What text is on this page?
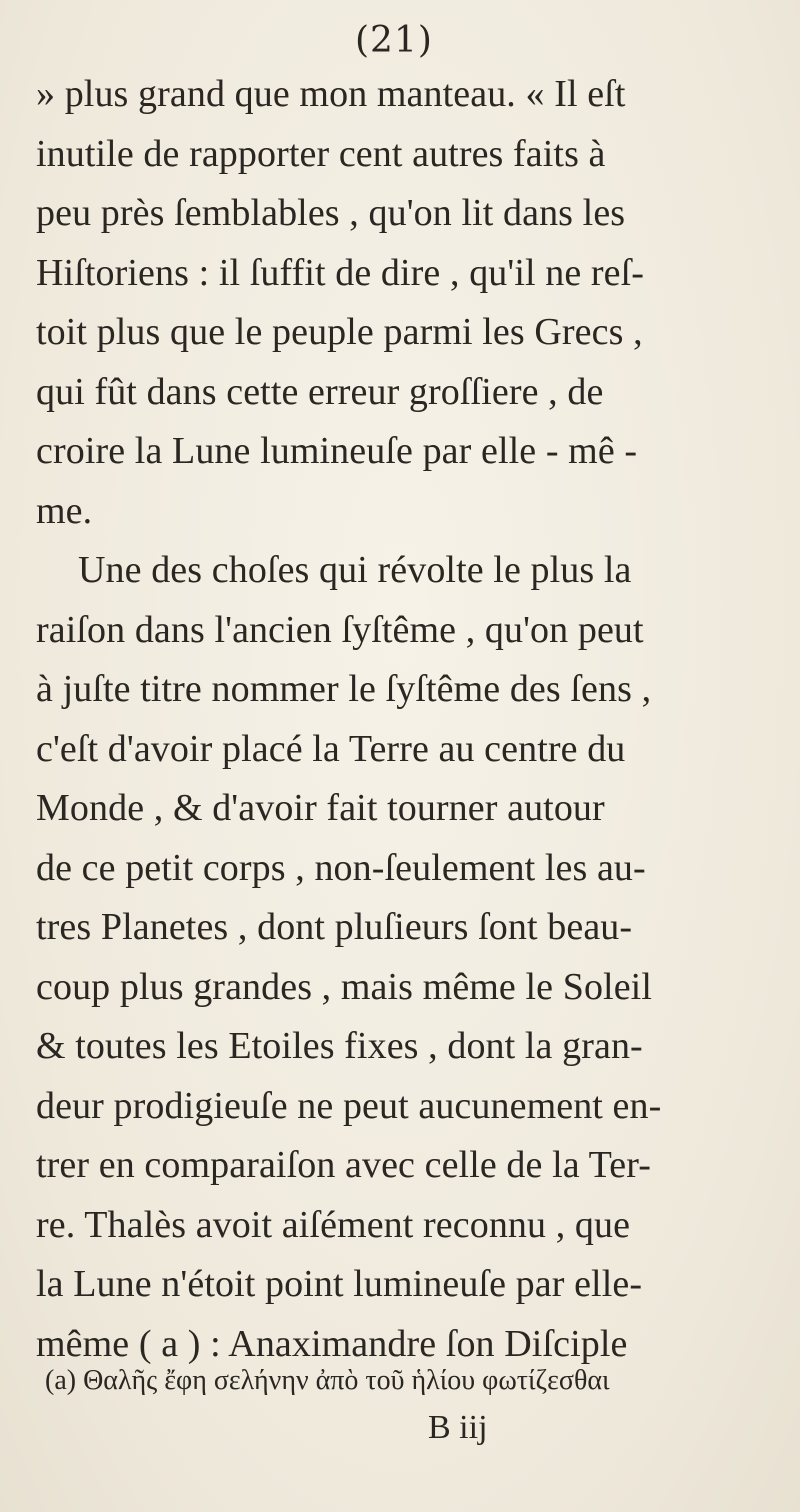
(21)
» plus grand que mon manteau. « Il eſt
inutile de rapporter cent autres faits à
peu près ſemblables , qu'on lit dans les
Hiſtoriens : il ſuffit de dire , qu'il ne reſ-
toit plus que le peuple parmi les Grecs ,
qui fût dans cette erreur groſſiere , de
croire la Lune lumineuſe par elle - mê -
me.
Une des choſes qui révolte le plus la
raiſon dans l'ancien ſyſtême , qu'on peut
à juſte titre nommer le ſyſtême des ſens ,
c'eſt d'avoir placé la Terre au centre du
Monde , & d'avoir fait tourner autour
de ce petit corps , non-ſeulement les au-
tres Planetes , dont pluſieurs ſont beau-
coup plus grandes , mais même le Soleil
& toutes les Etoiles fixes , dont la gran-
deur prodigieuſe ne peut aucunement en-
trer en comparaiſon avec celle de la Ter-
re. Thalès avoit aiſément reconnu , que
la Lune n'étoit point lumineuſe par elle-
même ( a ) : Anaximandre ſon Diſciple
(a) Θαλῆς ἔφη σελήνην ἀπὸ τοῦ ἡλίου φωτίζεσθαι
B iij
